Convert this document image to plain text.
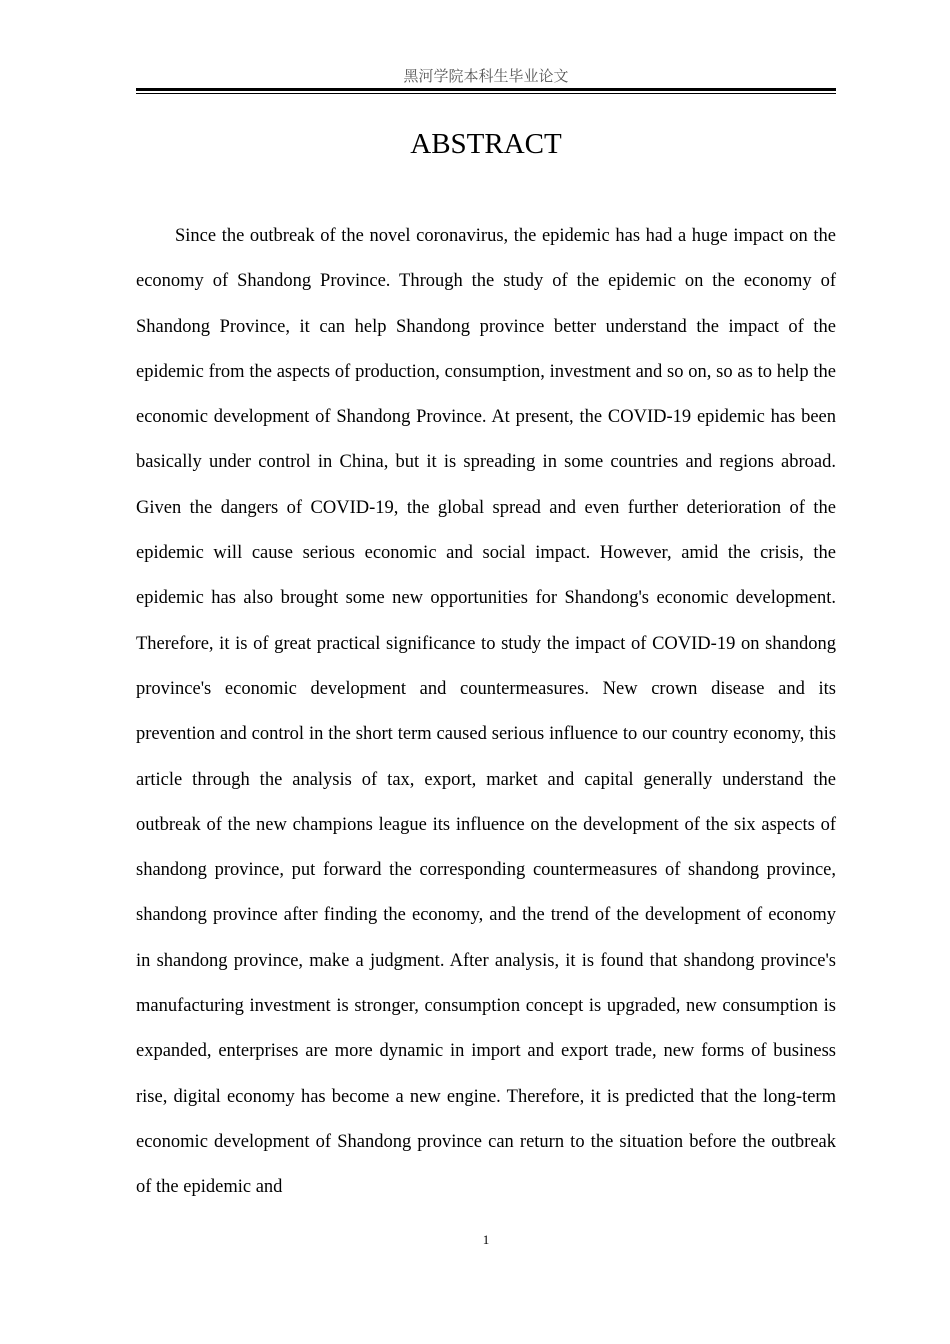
黑河学院本科生毕业论文
ABSTRACT

Since the outbreak of the novel coronavirus, the epidemic has had a huge impact on the economy of Shandong Province. Through the study of the epidemic on the economy of Shandong Province, it can help Shandong province better understand the impact of the epidemic from the aspects of production, consumption, investment and so on, so as to help the economic development of Shandong Province. At present, the COVID-19 epidemic has been basically under control in China, but it is spreading in some countries and regions abroad. Given the dangers of COVID-19, the global spread and even further deterioration of the epidemic will cause serious economic and social impact. However, amid the crisis, the epidemic has also brought some new opportunities for Shandong's economic development. Therefore, it is of great practical significance to study the impact of COVID-19 on shandong province's economic development and countermeasures. New crown disease and its prevention and control in the short term caused serious influence to our country economy, this article through the analysis of tax, export, market and capital generally understand the outbreak of the new champions league its influence on the development of the six aspects of shandong province, put forward the corresponding countermeasures of shandong province, shandong province after finding the economy, and the trend of the development of economy in shandong province, make a judgment. After analysis, it is found that shandong province's manufacturing investment is stronger, consumption concept is upgraded, new consumption is expanded, enterprises are more dynamic in import and export trade, new forms of business rise, digital economy has become a new engine. Therefore, it is predicted that the long-term economic development of Shandong province can return to the situation before the outbreak of the epidemic and

1
